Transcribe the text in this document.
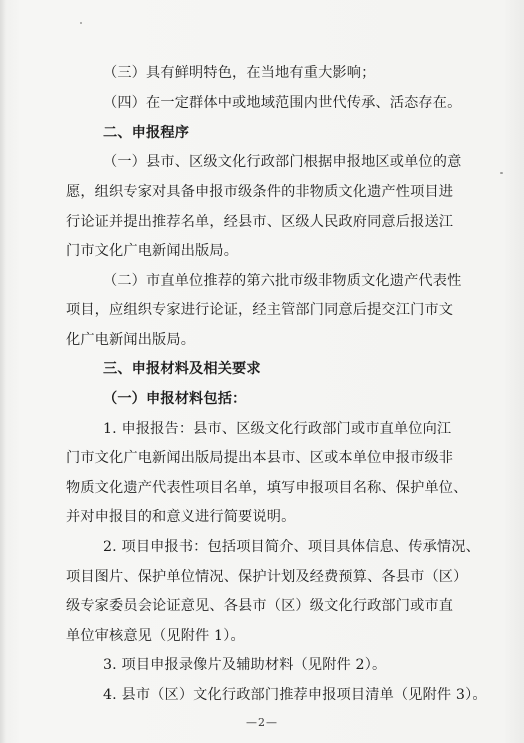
（三）具有鲜明特色，在当地有重大影响；
（四）在一定群体中或地域范围内世代传承、活态存在。
二、申报程序
（一）县市、区级文化行政部门根据申报地区或单位的意
愿，组织专家对具备申报市级条件的非物质文化遗产性项目进
行论证并提出推荐名单，经县市、区级人民政府同意后报送江
门市文化广电新闻出版局。
（二）市直单位推荐的第六批市级非物质文化遗产代表性
项目，应组织专家进行论证，经主管部门同意后提交江门市文
化广电新闻出版局。
三、申报材料及相关要求
（一）申报材料包括：
1. 申报报告：县市、区级文化行政部门或市直单位向江
门市文化广电新闻出版局提出本县市、区或本单位申报市级非
物质文化遗产代表性项目名单，填写申报项目名称、保护单位、
并对申报目的和意义进行简要说明。
2. 项目申报书：包括项目简介、项目具体信息、传承情况、
项目图片、保护单位情况、保护计划及经费预算、各县市（区）
级专家委员会论证意见、各县市（区）级文化行政部门或市直
单位审核意见（见附件 1）。
3. 项目申报录像片及辅助材料（见附件 2）。
4. 县市（区）文化行政部门推荐申报项目清单（见附件 3）。
—2—
